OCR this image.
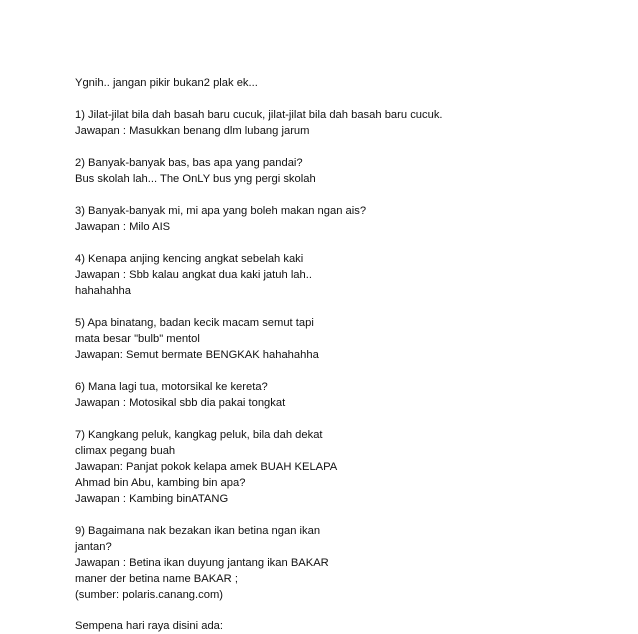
Ygnih.. jangan pikir bukan2 plak ek...
1) Jilat-jilat bila dah basah baru cucuk, jilat-jilat bila dah basah baru cucuk.
Jawapan : Masukkan benang dlm lubang jarum
2) Banyak-banyak bas, bas apa yang pandai?
Bus skolah lah... The OnLY bus yng pergi skolah
3) Banyak-banyak mi, mi apa yang boleh makan ngan ais?
Jawapan : Milo AIS
4) Kenapa anjing kencing angkat sebelah kaki
Jawapan : Sbb kalau angkat dua kaki jatuh lah..
hahahahha
5) Apa binatang, badan kecik macam semut tapi
mata besar "bulb" mentol
Jawapan: Semut bermate BENGKAK hahahahha
6) Mana lagi tua, motorsikal ke kereta?
Jawapan : Motosikal sbb dia pakai tongkat
7) Kangkang peluk, kangkag peluk, bila dah dekat
climax pegang buah
Jawapan: Panjat pokok kelapa amek BUAH KELAPA
Ahmad bin Abu, kambing bin apa?
Jawapan : Kambing binATANG
9) Bagaimana nak bezakan ikan betina ngan ikan
jantan?
Jawapan : Betina ikan duyung jantang ikan BAKAR
maner der betina name BAKAR ;
(sumber: polaris.canang.com)
Sempena hari raya disini ada:
